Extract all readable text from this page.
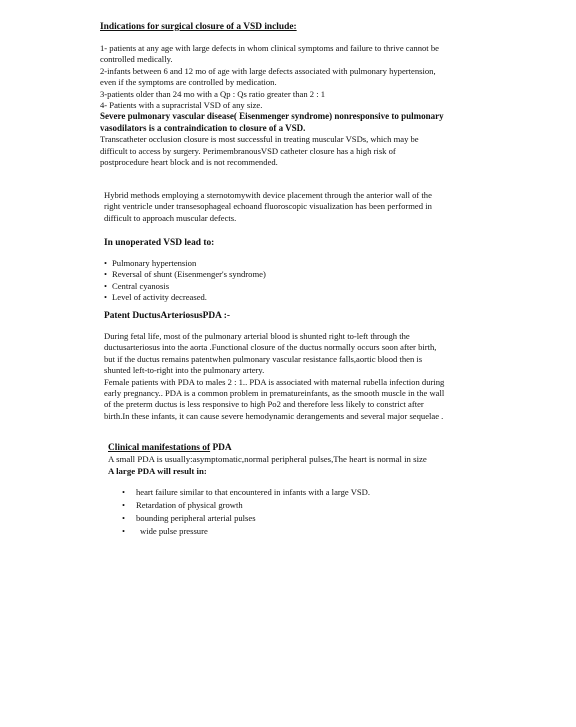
Indications for surgical closure of a VSD include:
1- patients at any age with large defects in whom clinical symptoms and failure to thrive cannot be
controlled medically.
2-infants between 6 and 12 mo of age with large defects associated with pulmonary hypertension,
even if the symptoms are controlled by medication.
3-patients older than 24 mo with a Qp : Qs ratio greater than 2 : 1
4- Patients with a supracristal VSD of any size.
Severe pulmonary vascular disease( Eisenmenger syndrome) nonresponsive to pulmonary
vasodilators is a contraindication to closure of a VSD.
Transcatheter occlusion closure is most successful in treating muscular VSDs, which may be
difficult to access by surgery. PerimembranousVSD catheter closure has a high risk of
postprocedure heart block and is not recommended.
Hybrid methods employing a sternotomywith device placement through the anterior wall of the
right ventricle under transesophageal echoand fluoroscopic visualization has been performed in
difficult to approach muscular defects.
In unoperated VSD lead to:
• Pulmonary hypertension
• Reversal of shunt (Eisenmenger's syndrome)
• Central cyanosis
• Level of activity decreased.
Patent DuctusArteriosusPDA :-
During fetal life, most of the pulmonary arterial blood is shunted right to-left through the
ductusarteriosus into the aorta .Functional closure of the ductus normally occurs soon after birth,
but if the ductus remains patentwhen pulmonary vascular resistance falls,aortic blood then is
shunted left-to-right into the pulmonary artery.
Female patients with PDA to males 2 : 1.. PDA is associated with maternal rubella infection during
early pregnancy.. PDA is a common problem in prematureinfants, as the smooth muscle in the wall
of the preterm ductus is less responsive to high Po2 and therefore less likely to constrict after
birth.In these infants, it can cause severe hemodynamic derangements and several major sequelae .
Clinical manifestations of PDA
A small PDA is usually:asymptomatic,normal peripheral pulses,The heart is normal in size
A large PDA will result in:
• heart failure similar to that encountered in infants with a large VSD.
• Retardation of physical growth
• bounding peripheral arterial pulses
• wide pulse pressure
